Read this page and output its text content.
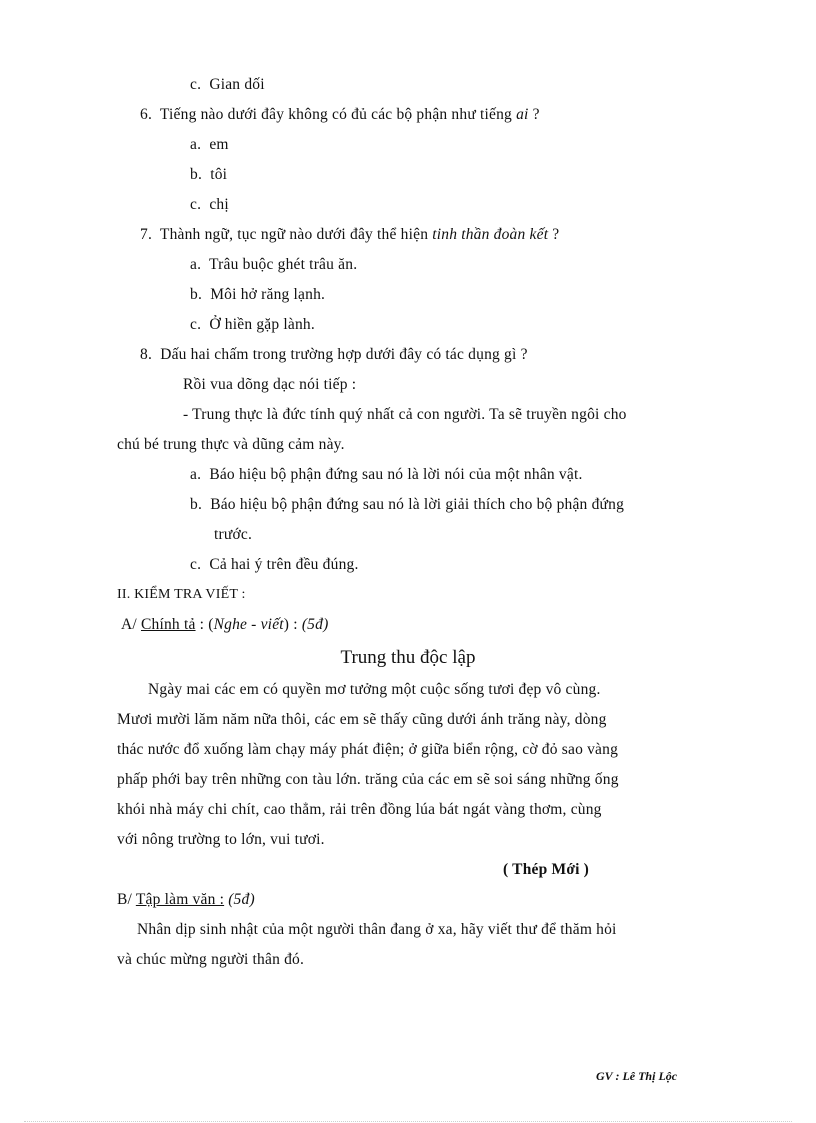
c. Gian dối
6. Tiếng nào dưới đây không có đủ các bộ phận như tiếng ai ?
a. em
b. tôi
c. chị
7. Thành ngữ, tục ngữ nào dưới đây thể hiện tinh thần đoàn kết ?
a. Trâu buộc ghét trâu ăn.
b. Môi hở răng lạnh.
c. Ở hiền gặp lành.
8. Dấu hai chấm trong trường hợp dưới đây có tác dụng gì ?
Rồi vua dõng dạc nói tiếp :
- Trung thực là đức tính quý nhất cả con người. Ta sẽ truyền ngôi cho
chú bé trung thực và dũng cảm này.
a. Báo hiệu bộ phận đứng sau nó là lời nói của một nhân vật.
b. Báo hiệu bộ phận đứng sau nó là lời giải thích cho bộ phận đứng
trước.
c. Cả hai ý trên đều đúng.
II. KIỂM TRA VIẾT :
A/ Chính tả : (Nghe - viết) : (5đ)
Trung thu độc lập
Ngày mai các em có quyền mơ tưởng một cuộc sống tươi đẹp vô cùng.
Mươi mười lăm năm nữa thôi, các em sẽ thấy cũng dưới ánh trăng này, dòng
thác nước đổ xuống làm chạy máy phát điện; ở giữa biển rộng, cờ đỏ sao vàng
phấp phới bay trên những con tàu lớn. trăng của các em sẽ soi sáng những ống
khói nhà máy chi chít, cao thẳm, rải trên đồng lúa bát ngát vàng thơm, cùng
với nông trường to lớn, vui tươi.
( Thép Mới )
B/ Tập làm văn : (5đ)
Nhân dịp sinh nhật của một người thân đang ở xa, hãy viết thư để thăm hỏi
và chúc mừng người thân đó.
GV : Lê Thị Lộc
